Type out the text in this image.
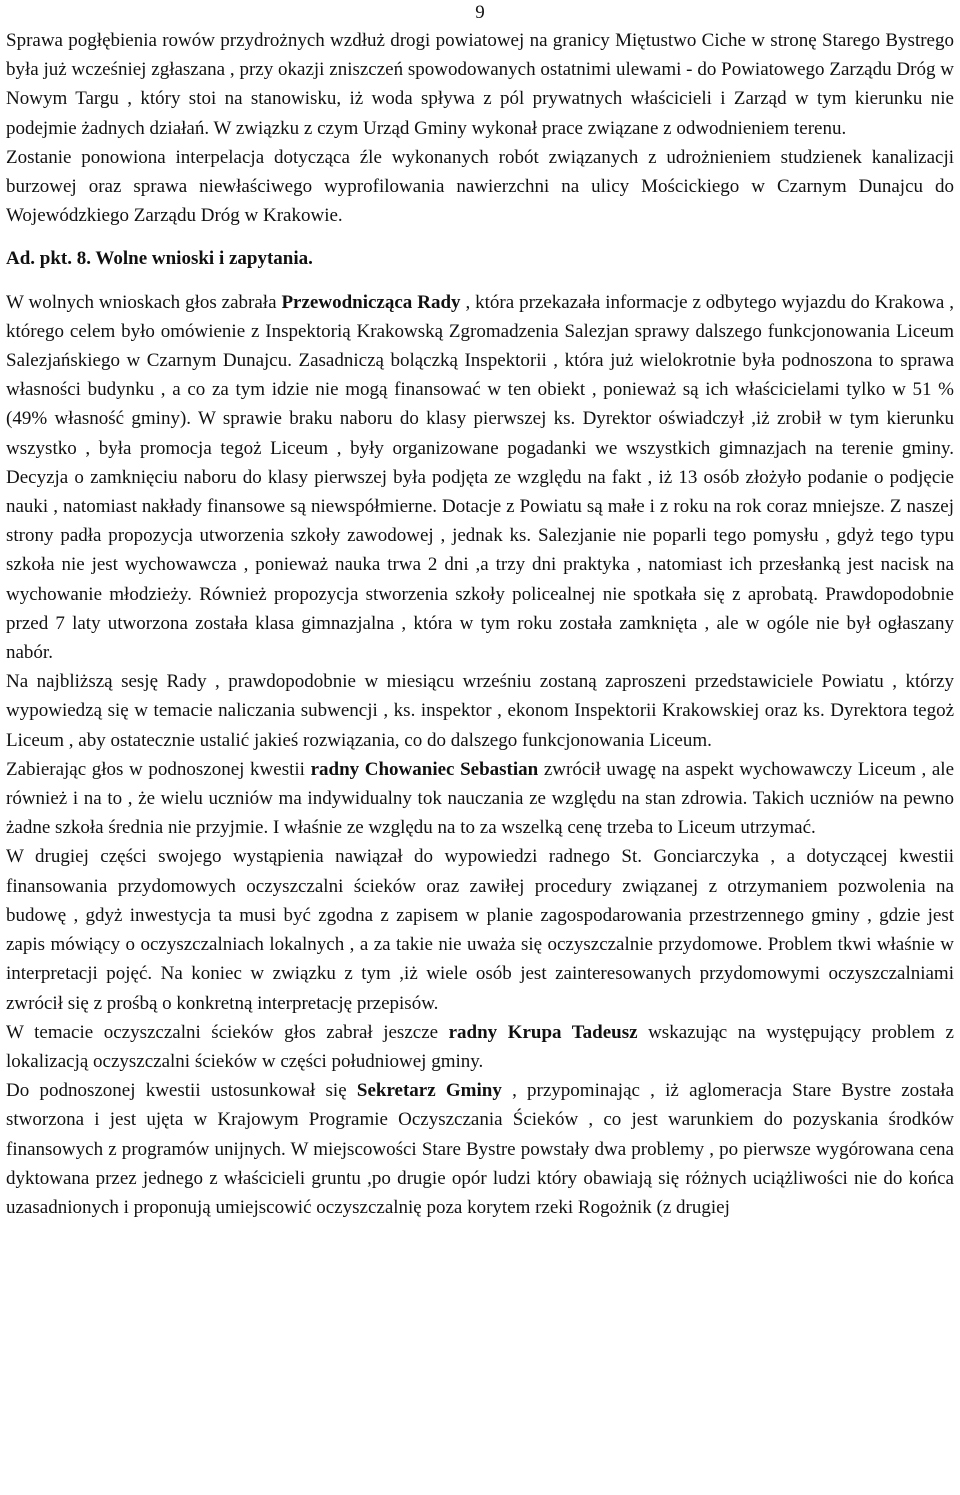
9

Sprawa pogłębienia rowów przydrożnych wzdłuż drogi powiatowej na granicy Miętustwo Ciche w stronę Starego Bystrego była już wcześniej zgłaszana , przy okazji zniszczeń spowodowanych ostatnimi ulewami - do Powiatowego Zarządu Dróg w Nowym Targu , który stoi na stanowisku, iż woda spływa z pól prywatnych właścicieli i Zarząd w tym kierunku nie podejmie żadnych działań. W związku z czym Urząd Gminy wykonał prace związane z odwodnieniem terenu.

Zostanie ponowiona interpelacja dotycząca źle wykonanych robót związanych z udrożnieniem studzienek kanalizacji burzowej oraz sprawa niewłaściwego wyprofilowania nawierzchni na ulicy Mościckiego w Czarnym Dunajcu do Wojewódzkiego Zarządu Dróg w Krakowie.

Ad. pkt. 8. Wolne wnioski i zapytania.

W wolnych wnioskach głos zabrała Przewodnicząca Rady , która przekazała informacje z odbytego wyjazdu do Krakowa , którego celem było omówienie z Inspektorią Krakowską Zgromadzenia Salezjan sprawy dalszego funkcjonowania Liceum Salezjańskiego w Czarnym Dunajcu. Zasadniczą bolączką Inspektorii , która już wielokrotnie była podnoszona to sprawa własności budynku , a co za tym idzie nie mogą finansować w ten obiekt , ponieważ są ich właścicielami tylko w 51 % (49% własność gminy). W sprawie braku naboru do klasy pierwszej ks. Dyrektor oświadczył ,iż zrobił w tym kierunku wszystko , była promocja tegoż Liceum , były organizowane pogadanki we wszystkich gimnazjach na terenie gminy. Decyzja o zamknięciu naboru do klasy pierwszej była podjęta ze względu na fakt , iż 13 osób złożyło podanie o podjęcie nauki , natomiast nakłady finansowe są niewspółmierne. Dotacje z Powiatu są małe i z roku na rok coraz mniejsze. Z naszej strony padła propozycja utworzenia szkoły zawodowej , jednak ks. Salezjanie nie poparli tego pomysłu , gdyż tego typu szkoła nie jest wychowawcza , ponieważ nauka trwa 2 dni ,a trzy dni praktyka , natomiast ich przesłanką jest nacisk na wychowanie młodzieży. Również propozycja stworzenia szkoły policealnej nie spotkała się z aprobatą. Prawdopodobnie przed 7 laty utworzona została klasa gimnazjalna , która w tym roku została zamknięta , ale w ogóle nie był ogłaszany nabór.

Na najbliższą sesję Rady , prawdopodobnie w miesiącu wrześniu zostaną zaproszeni przedstawiciele Powiatu , którzy wypowiedzą się w temacie naliczania subwencji , ks. inspektor , ekonom Inspektorii Krakowskiej oraz ks. Dyrektora tegoż Liceum , aby ostatecznie ustalić jakieś rozwiązania, co do dalszego funkcjonowania Liceum.

Zabierając głos w podnoszonej kwestii radny Chowaniec Sebastian zwrócił uwagę na aspekt wychowawczy Liceum , ale również i na to , że wielu uczniów ma indywidualny tok nauczania ze względu na stan zdrowia. Takich uczniów na pewno żadne szkoła średnia nie przyjmie. I właśnie ze względu na to za wszelką cenę trzeba to Liceum utrzymać.

W drugiej części swojego wystąpienia nawiązał do wypowiedzi radnego St. Gonciarczyka , a dotyczącej kwestii finansowania przydomowych oczyszczalni ścieków oraz zawiłej procedury związanej z otrzymaniem pozwolenia na budowę , gdyż inwestycja ta musi być zgodna z zapisem w planie zagospodarowania przestrzennego gminy , gdzie jest zapis mówiący o oczyszczalniach lokalnych , a za takie nie uważa się oczyszczalnie przydomowe. Problem tkwi właśnie w interpretacji pojęć. Na koniec w związku z tym ,iż wiele osób jest zainteresowanych przydomowymi oczyszczalniami zwrócił się z prośbą o konkretną interpretację przepisów.

W temacie oczyszczalni ścieków głos zabrał jeszcze radny Krupa Tadeusz wskazując na występujący problem z lokalizacją oczyszczalni ścieków w części południowej gminy.

Do podnoszonej kwestii ustosunkował się Sekretarz Gminy , przypominając , iż aglomeracja Stare Bystre została stworzona i jest ujęta w Krajowym Programie Oczyszczania Ścieków , co jest warunkiem do pozyskania środków finansowych z programów unijnych. W miejscowości Stare Bystre powstały dwa problemy , po pierwsze wygórowana cena dyktowana przez jednego z właścicieli gruntu ,po drugie opór ludzi który obawiają się różnych uciążliwości nie do końca uzasadnionych i proponują umiejscowić oczyszczalnię poza korytem rzeki Rogożnik (z drugiej
